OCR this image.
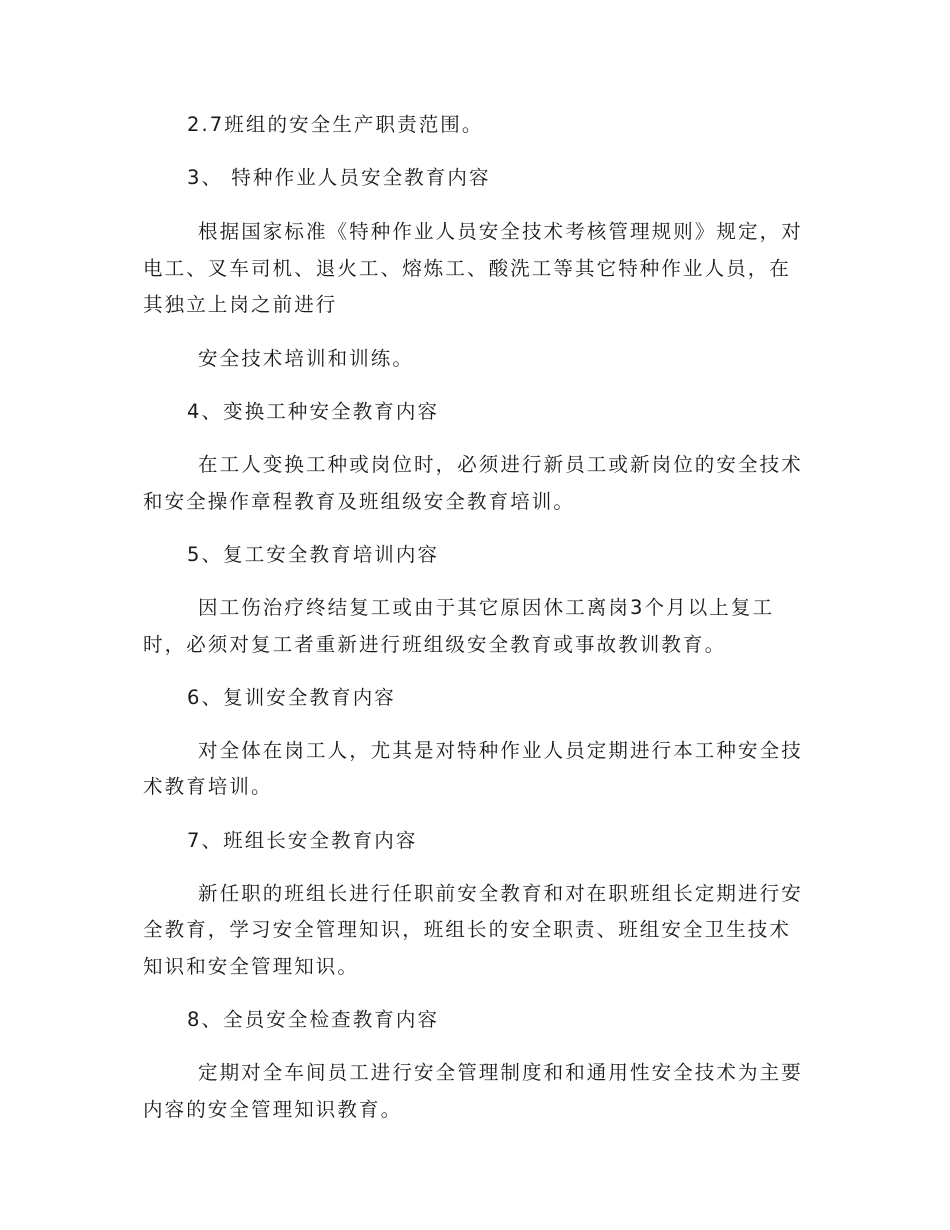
2.7班组的安全生产职责范围。
3、 特种作业人员安全教育内容
根据国家标准《特种作业人员安全技术考核管理规则》规定，对
电工、叉车司机、退火工、熔炼工、酸洗工等其它特种作业人员，在
其独立上岗之前进行
安全技术培训和训练。
4、变换工种安全教育内容
在工人变换工种或岗位时，必须进行新员工或新岗位的安全技术
和安全操作章程教育及班组级安全教育培训。
5、复工安全教育培训内容
因工伤治疗终结复工或由于其它原因休工离岗3个月以上复工
时，必须对复工者重新进行班组级安全教育或事故教训教育。
6、复训安全教育内容
对全体在岗工人，尤其是对特种作业人员定期进行本工种安全技
术教育培训。
7、班组长安全教育内容
新任职的班组长进行任职前安全教育和对在职班组长定期进行安
全教育，学习安全管理知识，班组长的安全职责、班组安全卫生技术
知识和安全管理知识。
8、全员安全检查教育内容
定期对全车间员工进行安全管理制度和和通用性安全技术为主要
内容的安全管理知识教育。
